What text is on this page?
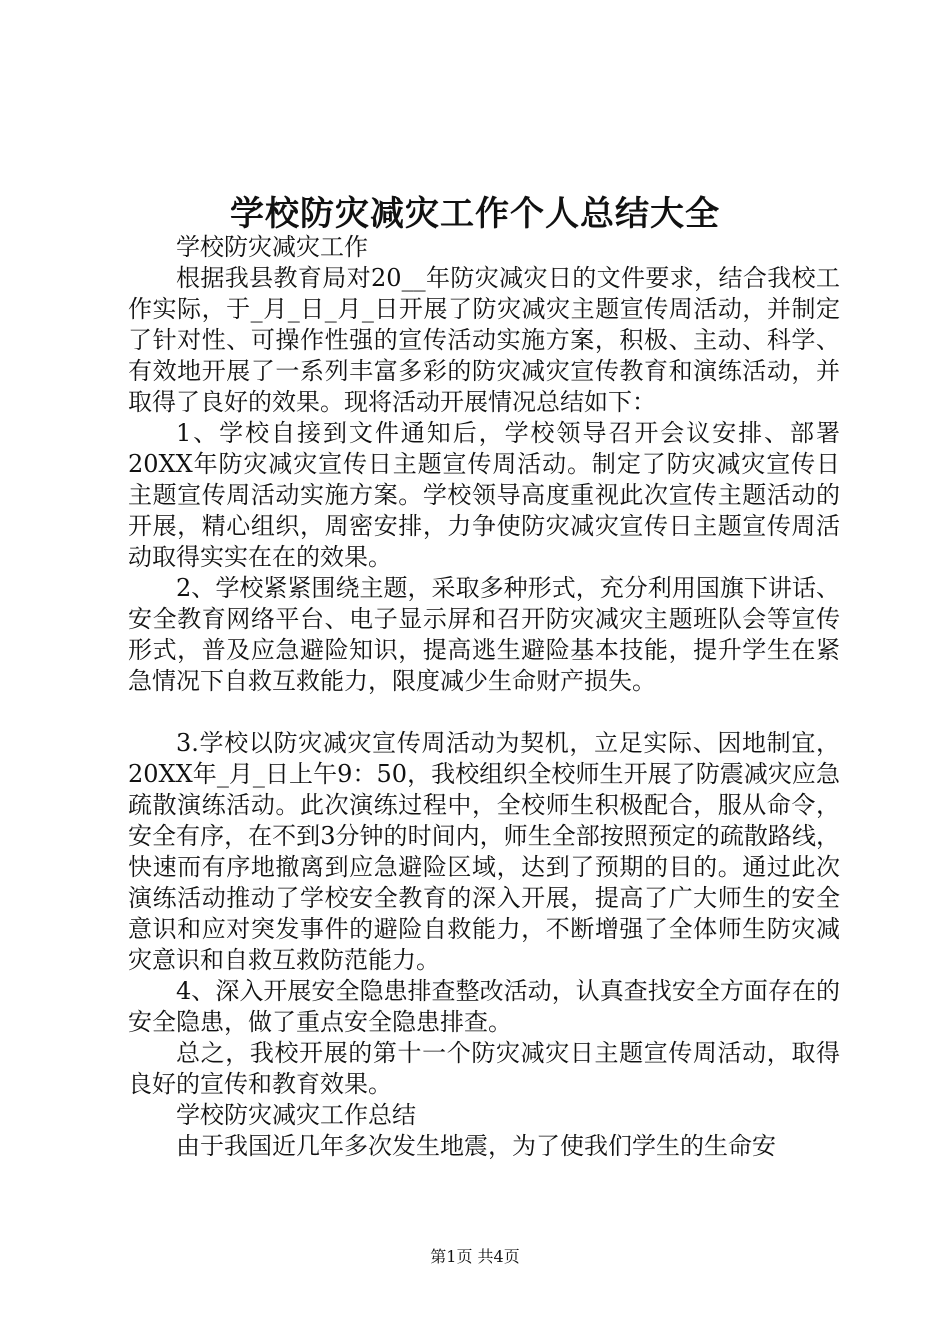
学校防灾减灾工作个人总结大全

学校防灾减灾工作

根据我县教育局对20__年防灾减灾日的文件要求，结合我校工作实际，于_月_日_月_日开展了防灾减灾主题宣传周活动，并制定了针对性、可操作性强的宣传活动实施方案，积极、主动、科学、有效地开展了一系列丰富多彩的防灾减灾宣传教育和演练活动，并取得了良好的效果。现将活动开展情况总结如下：

1、学校自接到文件通知后，学校领导召开会议安排、部署20XX年防灾减灾宣传日主题宣传周活动。制定了防灾减灾宣传日主题宣传周活动实施方案。学校领导高度重视此次宣传主题活动的开展，精心组织，周密安排，力争使防灾减灾宣传日主题宣传周活动取得实实在在的效果。

2、学校紧紧围绕主题，采取多种形式，充分利用国旗下讲话、安全教育网络平台、电子显示屏和召开防灾减灾主题班队会等宣传形式，普及应急避险知识，提高逃生避险基本技能，提升学生在紧急情况下自救互救能力，限度减少生命财产损失。

3.学校以防灾减灾宣传周活动为契机，立足实际、因地制宜，20XX年_月_日上午9：50，我校组织全校师生开展了防震减灾应急疏散演练活动。此次演练过程中，全校师生积极配合，服从命令，安全有序，在不到3分钟的时间内，师生全部按照预定的疏散路线，快速而有序地撤离到应急避险区域，达到了预期的目的。通过此次演练活动推动了学校安全教育的深入开展，提高了广大师生的安全意识和应对突发事件的避险自救能力，不断增强了全体师生防灾减灾意识和自救互救防范能力。

4、深入开展安全隐患排查整改活动，认真查找安全方面存在的安全隐患，做了重点安全隐患排查。

总之，我校开展的第十一个防灾减灾日主题宣传周活动，取得良好的宣传和教育效果。

学校防灾减灾工作总结

由于我国近几年多次发生地震，为了使我们学生的生命安

第1页 共4页
